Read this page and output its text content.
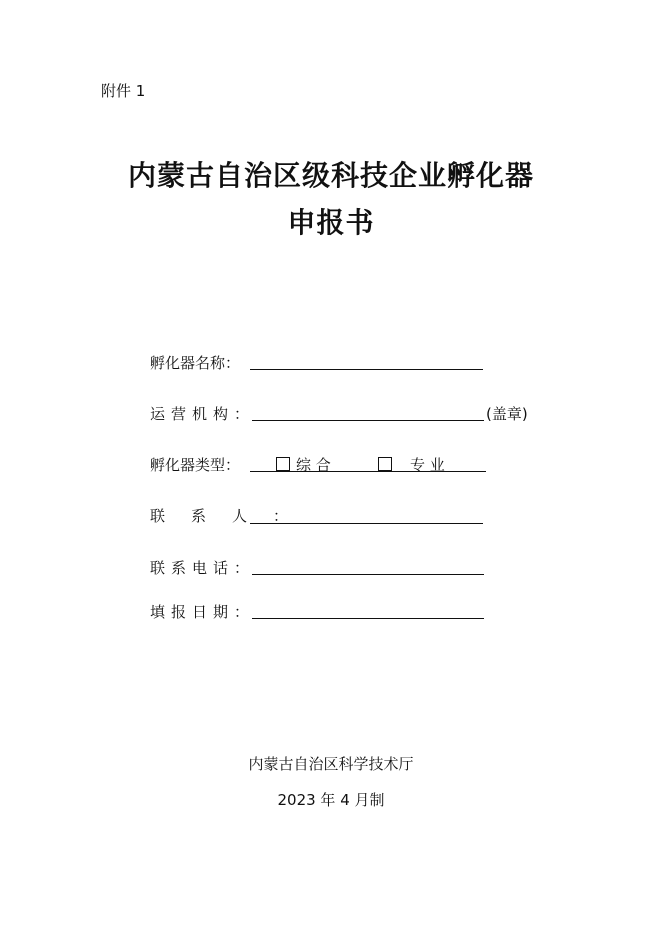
附件 1
内蒙古自治区级科技企业孵化器
申报书
孵化器名称：
运营机构：	(盖章)
孵化器类型：	综 合	专 业
联系人：
联系电话：
填报日期：
内蒙古自治区科学技术厅
2023 年 4 月制
